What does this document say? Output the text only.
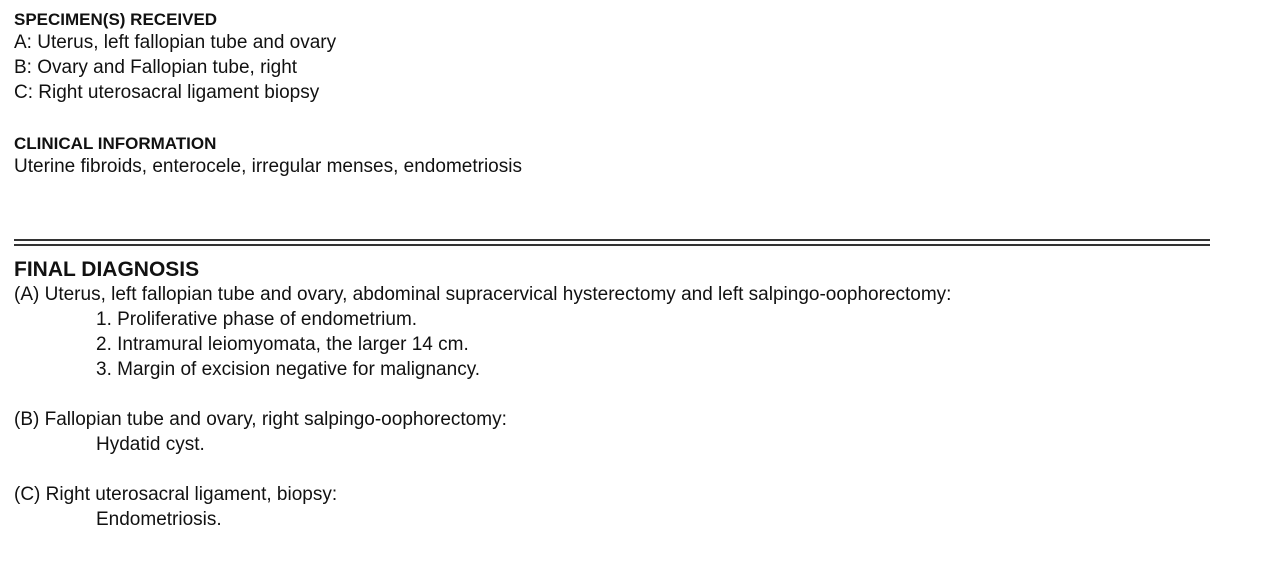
SPECIMEN(S) RECEIVED

A: Uterus, left fallopian tube and ovary

B: Ovary and Fallopian tube, right

C: Right uterosacral ligament biopsy

CLINICAL INFORMATION

Uterine fibroids, enterocele, irregular menses, endometriosis

FINAL DIAGNOSIS

(A) Uterus, left fallopian tube and ovary, abdominal supracervical hysterectomy and left salpingo-oophorectomy:

1. Proliferative phase of endometrium.

2. Intramural leiomyomata, the larger 14 cm.

3. Margin of excision negative for malignancy.

(B) Fallopian tube and ovary, right salpingo-oophorectomy:

Hydatid cyst.

(C) Right uterosacral ligament, biopsy:

Endometriosis.
